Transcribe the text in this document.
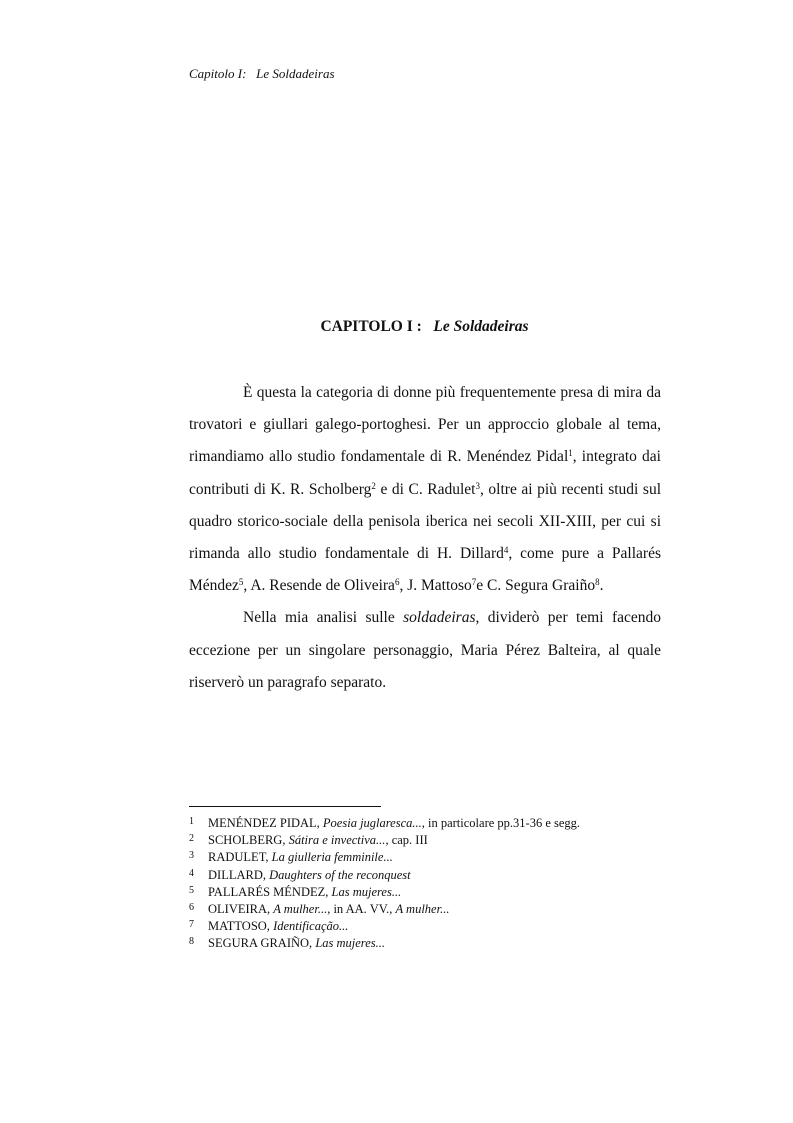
Capitolo I:   Le Soldadeiras
CAPITOLO I : Le Soldadeiras

È questa la categoria di donne più frequentemente presa di mira da trovatori e giullari galego-portoghesi. Per un approccio globale al tema, rimandiamo allo studio fondamentale di R. Menéndez Pidal$^1$, integrato dai contributi di K. R. Scholberg$^2$ e di C. Radulet$^3$, oltre ai più recenti studi sul quadro storico-sociale della penisola iberica nei secoli XII-XIII, per cui si rimanda allo studio fondamentale di H. Dillard$^4$, come pure a Pallarés Méndez$^5$, A. Resende de Oliveira$^6$, J. Mattoso$^7$e C. Segura Graiño$^8$.

Nella mia analisi sulle soldadeiras, dividerò per temi facendo eccezione per un singolare personaggio, Maria Pérez Balteira, al quale riserverò un paragrafo separato.

1	MENÉNDEZ PIDAL, Poesia juglaresca..., in particolare pp.31-36 e segg.
2	SCHOLBERG, Sátira e invectiva..., cap. III
3	RADULET, La giulleria femminile...
4	DILLARD, Daughters of the reconquest
5	PALLARÉS MÉNDEZ, Las mujeres...
6	OLIVEIRA, A mulher..., in AA. VV., A mulher...
7	MATTOSO, Identificação...
8	SEGURA GRAIÑO, Las mujeres...
